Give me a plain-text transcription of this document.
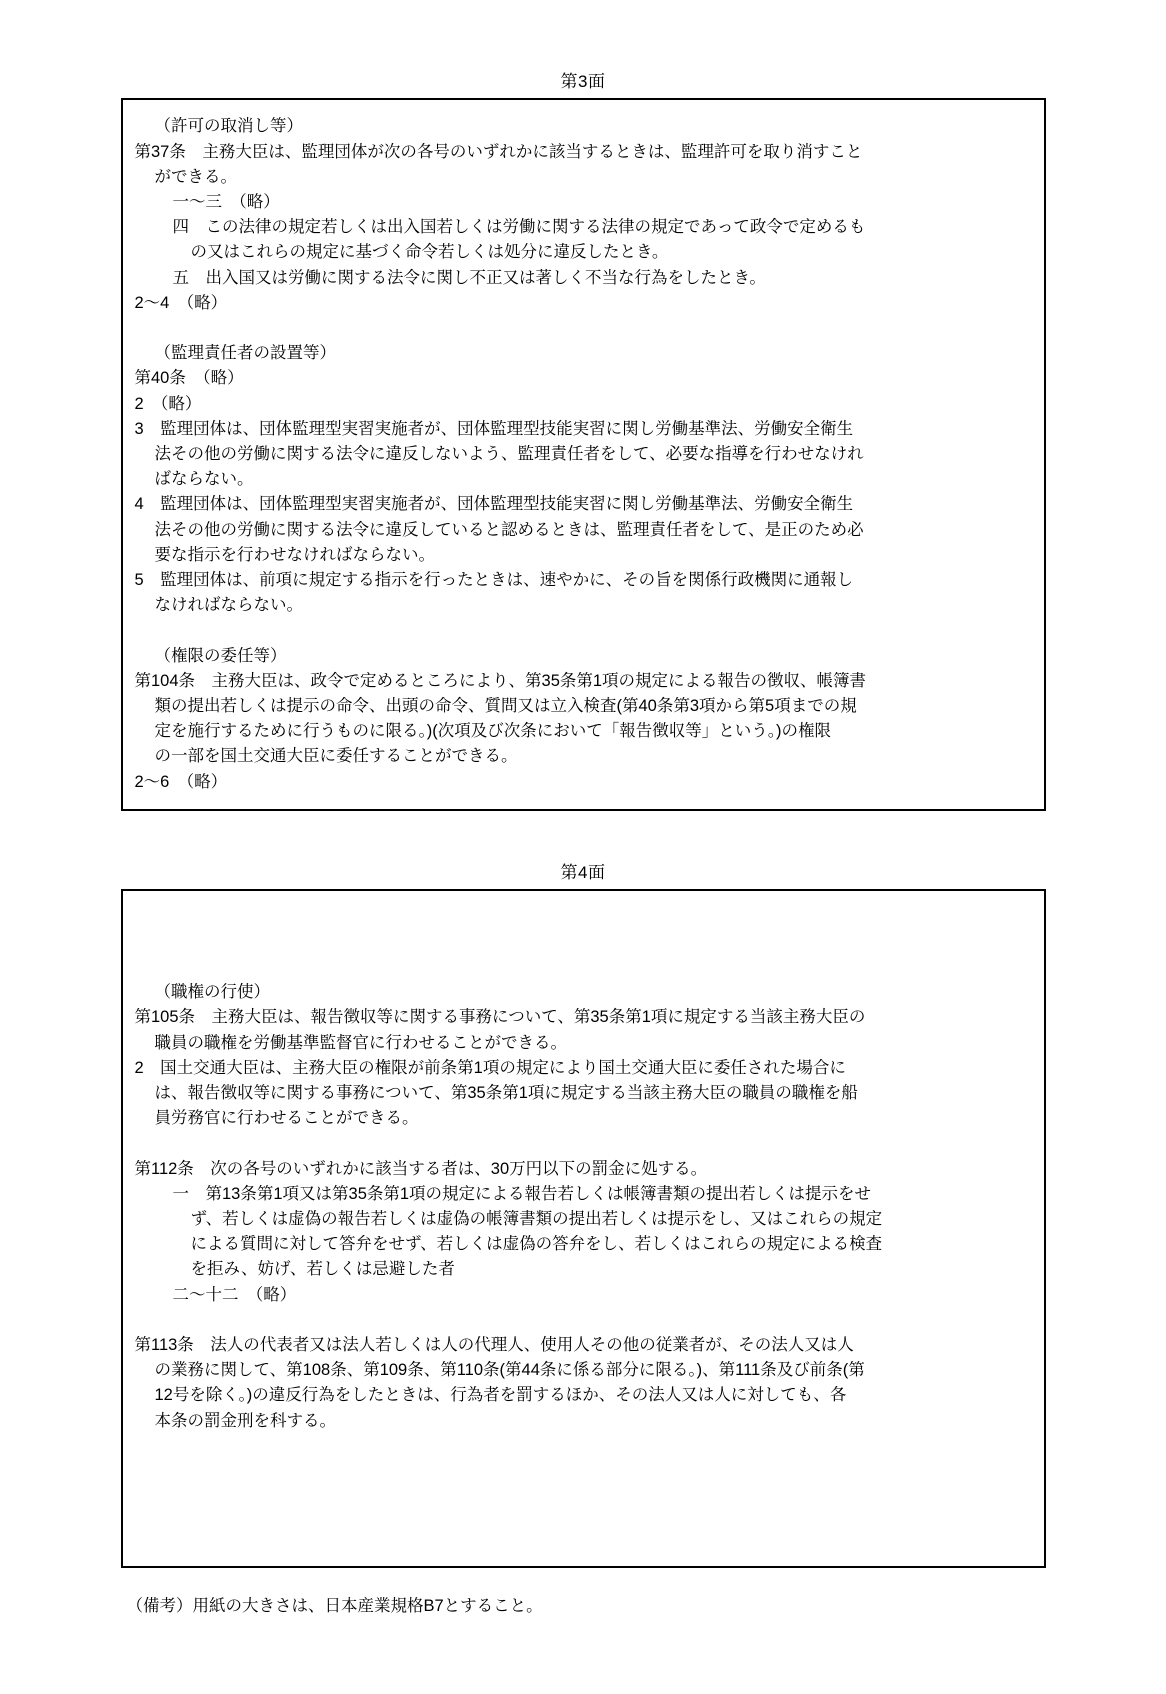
第3面
（許可の取消し等）
第37条　主務大臣は、監理団体が次の各号のいずれかに該当するときは、監理許可を取り消すこと
ができる。
一〜三　（略）
四　この法律の規定若しくは出入国若しくは労働に関する法律の規定であって政令で定めるも
の又はこれらの規定に基づく命令若しくは処分に違反したとき。
五　出入国又は労働に関する法令に関し不正又は著しく不当な行為をしたとき。
2〜4　（略）
（監理責任者の設置等）
第40条　（略）
2　（略）
3　監理団体は、団体監理型実習実施者が、団体監理型技能実習に関し労働基準法、労働安全衛生
法その他の労働に関する法令に違反しないよう、監理責任者をして、必要な指導を行わせなけれ
ばならない。
4　監理団体は、団体監理型実習実施者が、団体監理型技能実習に関し労働基準法、労働安全衛生
法その他の労働に関する法令に違反していると認めるときは、監理責任者をして、是正のため必
要な指示を行わせなければならない。
5　監理団体は、前項に規定する指示を行ったときは、速やかに、その旨を関係行政機関に通報し
なければならない。
（権限の委任等）
第104条　主務大臣は、政令で定めるところにより、第35条第1項の規定による報告の徴収、帳簿書
類の提出若しくは提示の命令、出頭の命令、質問又は立入検査(第40条第3項から第5項までの規
定を施行するために行うものに限る。)(次項及び次条において「報告徴収等」という。)の権限
の一部を国土交通大臣に委任することができる。
2〜6　（略）
第4面
（職権の行使）
第105条　主務大臣は、報告徴収等に関する事務について、第35条第1項に規定する当該主務大臣の
職員の職権を労働基準監督官に行わせることができる。
2　国土交通大臣は、主務大臣の権限が前条第1項の規定により国土交通大臣に委任された場合に
は、報告徴収等に関する事務について、第35条第1項に規定する当該主務大臣の職員の職権を船
員労務官に行わせることができる。
第112条　次の各号のいずれかに該当する者は、30万円以下の罰金に処する。
一　第13条第1項又は第35条第1項の規定による報告若しくは帳簿書類の提出若しくは提示をせ
ず、若しくは虚偽の報告若しくは虚偽の帳簿書類の提出若しくは提示をし、又はこれらの規定
による質問に対して答弁をせず、若しくは虚偽の答弁をし、若しくはこれらの規定による検査
を拒み、妨げ、若しくは忌避した者
二〜十二　（略）
第113条　法人の代表者又は法人若しくは人の代理人、使用人その他の従業者が、その法人又は人
の業務に関して、第108条、第109条、第110条(第44条に係る部分に限る。)、第111条及び前条(第
12号を除く。)の違反行為をしたときは、行為者を罰するほか、その法人又は人に対しても、各
本条の罰金刑を科する。
（備考）用紙の大きさは、日本産業規格B7とすること。
